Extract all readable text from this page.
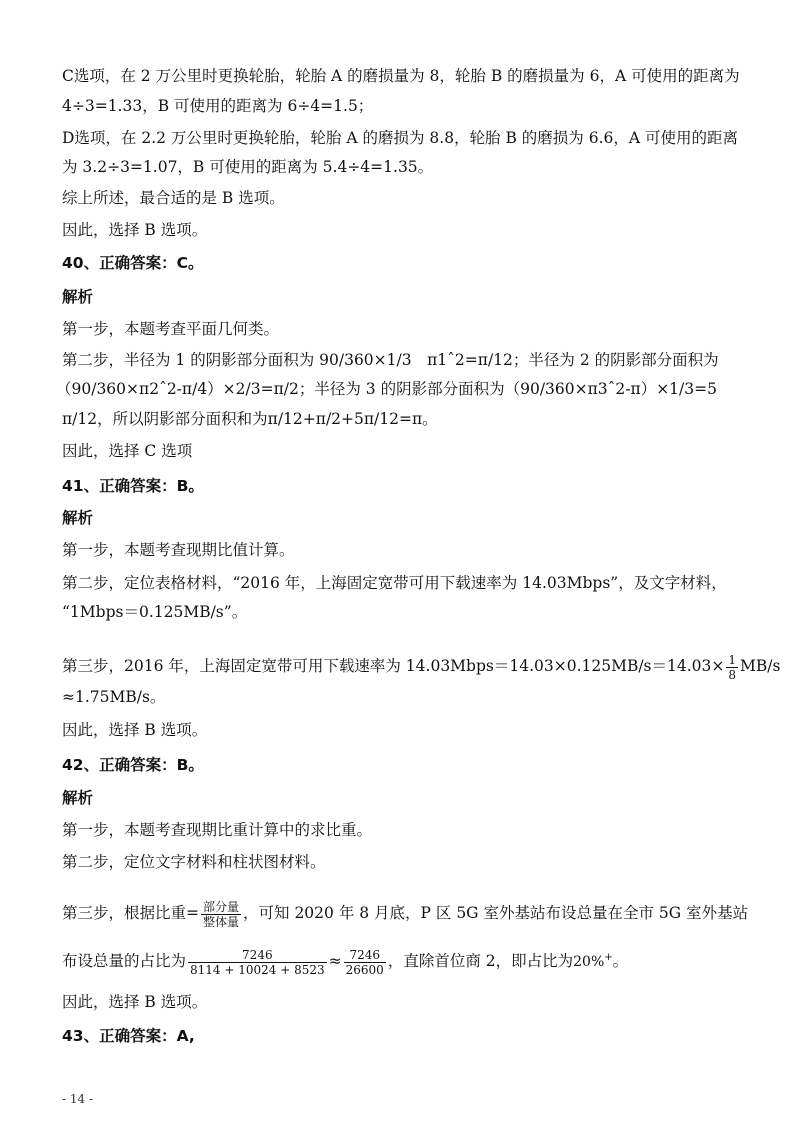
C选项，在 2 万公里时更换轮胎，轮胎 A 的磨损量为 8，轮胎 B 的磨损量为 6，A 可使用的距离为
4÷3=1.33，B 可使用的距离为 6÷4=1.5；
D选项，在 2.2 万公里时更换轮胎，轮胎 A 的磨损为 8.8，轮胎 B 的磨损为 6.6，A 可使用的距离
为 3.2÷3=1.07，B 可使用的距离为 5.4÷4=1.35。
综上所述，最合适的是 B 选项。
因此，选择 B 选项。
40、正确答案：C。
解析
第一步，本题考查平面几何类。
第二步，半径为 1 的阴影部分面积为 90/360×1/3　π1ˆ2=π/12；半径为 2 的阴影部分面积为
（90/360×π2ˆ2-π/4）×2/3=π/2；半径为 3 的阴影部分面积为（90/360×π3ˆ2-π）×1/3=5
π/12，所以阴影部分面积和为π/12+π/2+5π/12=π。
因此，选择 C 选项
41、正确答案：B。
解析
第一步，本题考查现期比值计算。
第二步，定位表格材料，“2016 年，上海固定宽带可用下载速率为 14.03Mbps”，及文字材料，
“1Mbps＝0.125MB/s”。
第三步，2016 年，上海固定宽带可用下载速率为 14.03Mbps＝14.03×0.125MB/s＝14.03× $\frac{1}{8} MB/s$
≈1.75MB/s。
因此，选择 B 选项。
42、正确答案：B。
解析
第一步，本题考查现期比重计算中的求比重。
第二步，定位文字材料和柱状图材料。
第三步，根据比重= $\frac{\text{部分量}}{\text{整体量}}$ ，可知 2020 年 8 月底，P 区 5G 室外基站布设总量在全市 5G 室外基站
布设总量的占比为 $\frac{7246}{8114 + 10024 + 8523} \approx \frac{7246}{26600}$ ，直除首位商 2，即占比为20%+。
因此，选择 B 选项。
43、正确答案：A,
- 14 -
